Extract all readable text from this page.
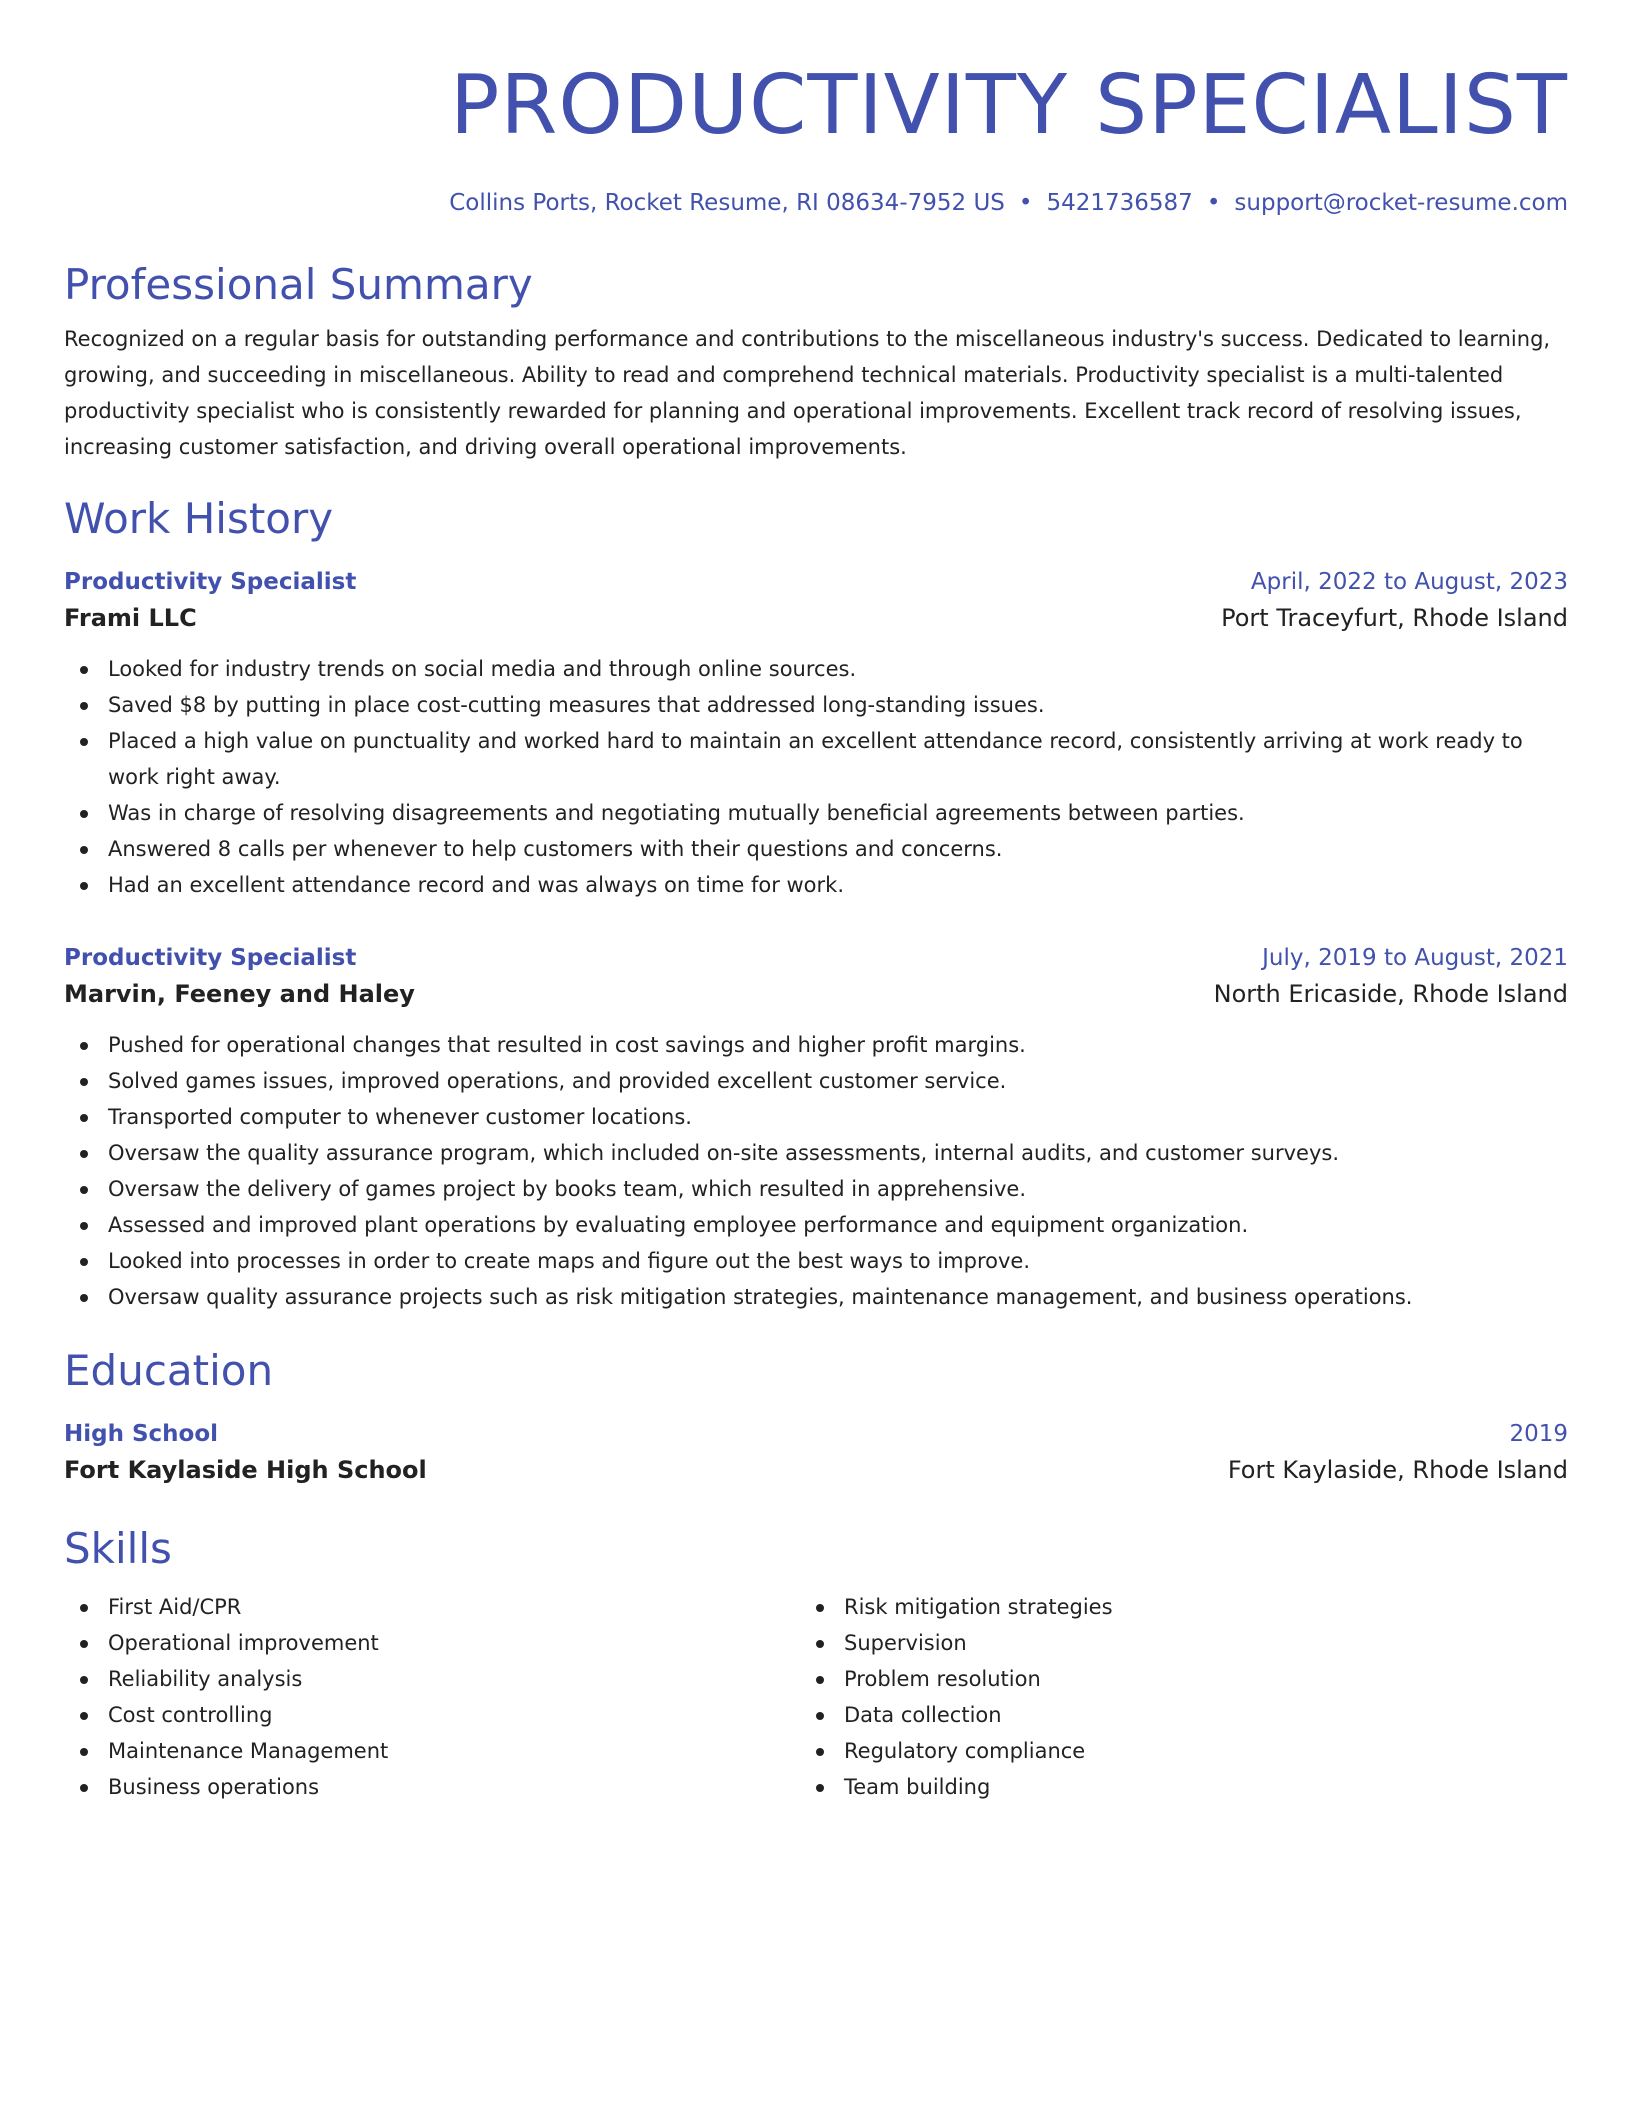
PRODUCTIVITY SPECIALIST
Collins Ports, Rocket Resume, RI 08634-7952 US • 5421736587 • support@rocket-resume.com
Professional Summary

Recognized on a regular basis for outstanding performance and contributions to the miscellaneous industry's success. Dedicated to learning, growing, and succeeding in miscellaneous. Ability to read and comprehend technical materials. Productivity specialist is a multi-talented productivity specialist who is consistently rewarded for planning and operational improvements. Excellent track record of resolving issues, increasing customer satisfaction, and driving overall operational improvements.

Work History
Productivity Specialist	April, 2022 to August, 2023
Frami LLC	Port Traceyfurt, Rhode Island
Looked for industry trends on social media and through online sources.
Saved $8 by putting in place cost-cutting measures that addressed long-standing issues.
Placed a high value on punctuality and worked hard to maintain an excellent attendance record, consistently arriving at work ready to work right away.
Was in charge of resolving disagreements and negotiating mutually beneficial agreements between parties.
Answered 8 calls per whenever to help customers with their questions and concerns.
Had an excellent attendance record and was always on time for work.
Productivity Specialist	July, 2019 to August, 2021
Marvin, Feeney and Haley	North Ericaside, Rhode Island
Pushed for operational changes that resulted in cost savings and higher profit margins.
Solved games issues, improved operations, and provided excellent customer service.
Transported computer to whenever customer locations.
Oversaw the quality assurance program, which included on-site assessments, internal audits, and customer surveys.
Oversaw the delivery of games project by books team, which resulted in apprehensive.
Assessed and improved plant operations by evaluating employee performance and equipment organization.
Looked into processes in order to create maps and figure out the best ways to improve.
Oversaw quality assurance projects such as risk mitigation strategies, maintenance management, and business operations.
Education
High School	2019
Fort Kaylaside High School	Fort Kaylaside, Rhode Island
Skills
First Aid/CPR
Operational improvement
Reliability analysis
Cost controlling
Maintenance Management
Business operations
Risk mitigation strategies
Supervision
Problem resolution
Data collection
Regulatory compliance
Team building
